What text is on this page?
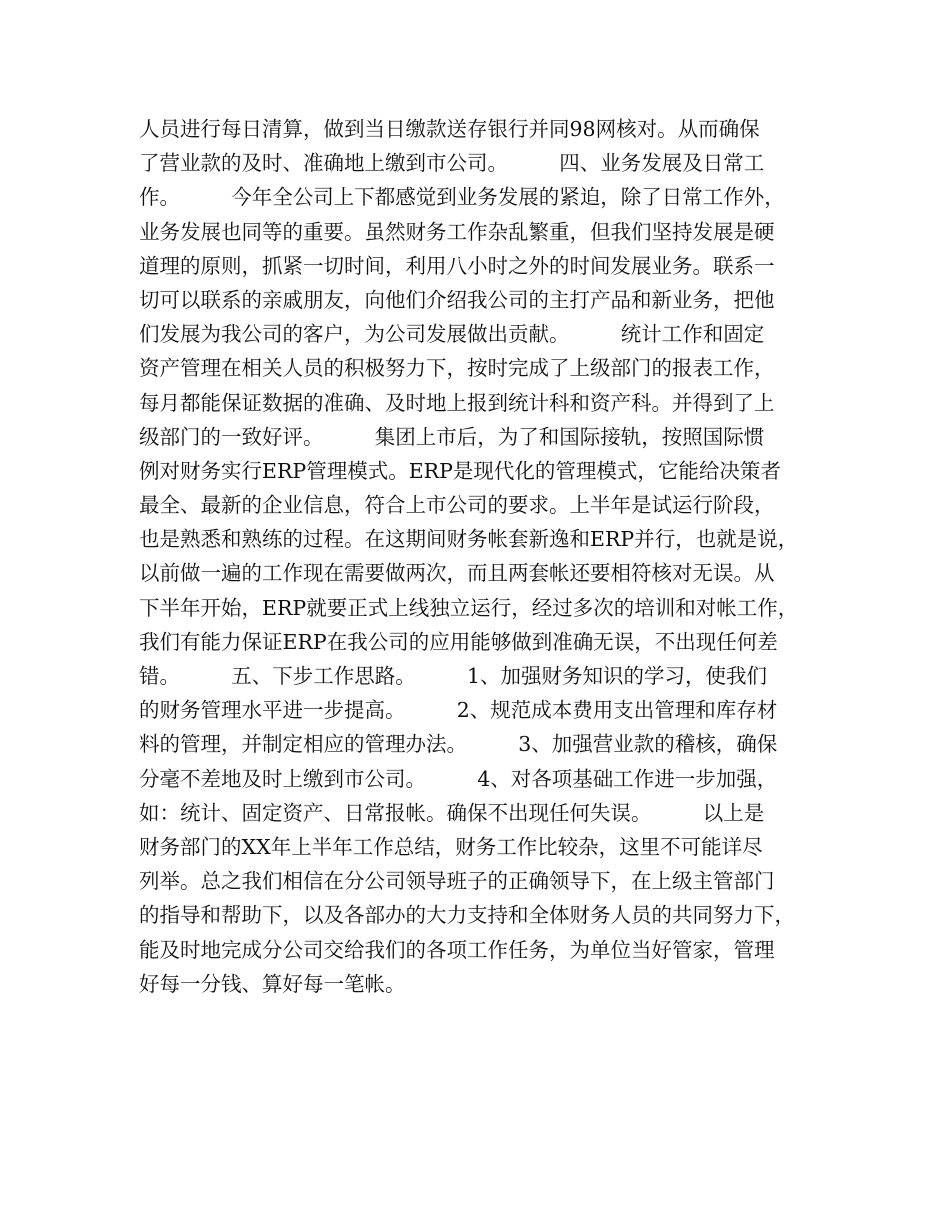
人员进行每日清算，做到当日缴款送存银行并同98网核对。从而确保
了营业款的及时、准确地上缴到市公司。　　　四、业务发展及日常工
作。　　　今年全公司上下都感觉到业务发展的紧迫，除了日常工作外，
业务发展也同等的重要。虽然财务工作杂乱繁重，但我们坚持发展是硬
道理的原则，抓紧一切时间，利用八小时之外的时间发展业务。联系一
切可以联系的亲戚朋友，向他们介绍我公司的主打产品和新业务，把他
们发展为我公司的客户，为公司发展做出贡献。　　　统计工作和固定
资产管理在相关人员的积极努力下，按时完成了上级部门的报表工作，
每月都能保证数据的准确、及时地上报到统计科和资产科。并得到了上
级部门的一致好评。　　　集团上市后，为了和国际接轨，按照国际惯
例对财务实行ERP管理模式。ERP是现代化的管理模式，它能给决策者
最全、最新的企业信息，符合上市公司的要求。上半年是试运行阶段，
也是熟悉和熟练的过程。在这期间财务帐套新逸和ERP并行，也就是说，
以前做一遍的工作现在需要做两次，而且两套帐还要相符核对无误。从
下半年开始，ERP就要正式上线独立运行，经过多次的培训和对帐工作，
我们有能力保证ERP在我公司的应用能够做到准确无误，不出现任何差
错。　　　五、下步工作思路。　　　1、加强财务知识的学习，使我们
的财务管理水平进一步提高。　　　2、规范成本费用支出管理和库存材
料的管理，并制定相应的管理办法。　　　3、加强营业款的稽核，确保
分毫不差地及时上缴到市公司。　　　4、对各项基础工作进一步加强，
如：统计、固定资产、日常报帐。确保不出现任何失误。　　　以上是
财务部门的XX年上半年工作总结，财务工作比较杂，这里不可能详尽
列举。总之我们相信在分公司领导班子的正确领导下，在上级主管部门
的指导和帮助下，以及各部办的大力支持和全体财务人员的共同努力下，
能及时地完成分公司交给我们的各项工作任务，为单位当好管家，管理
好每一分钱、算好每一笔帐。
